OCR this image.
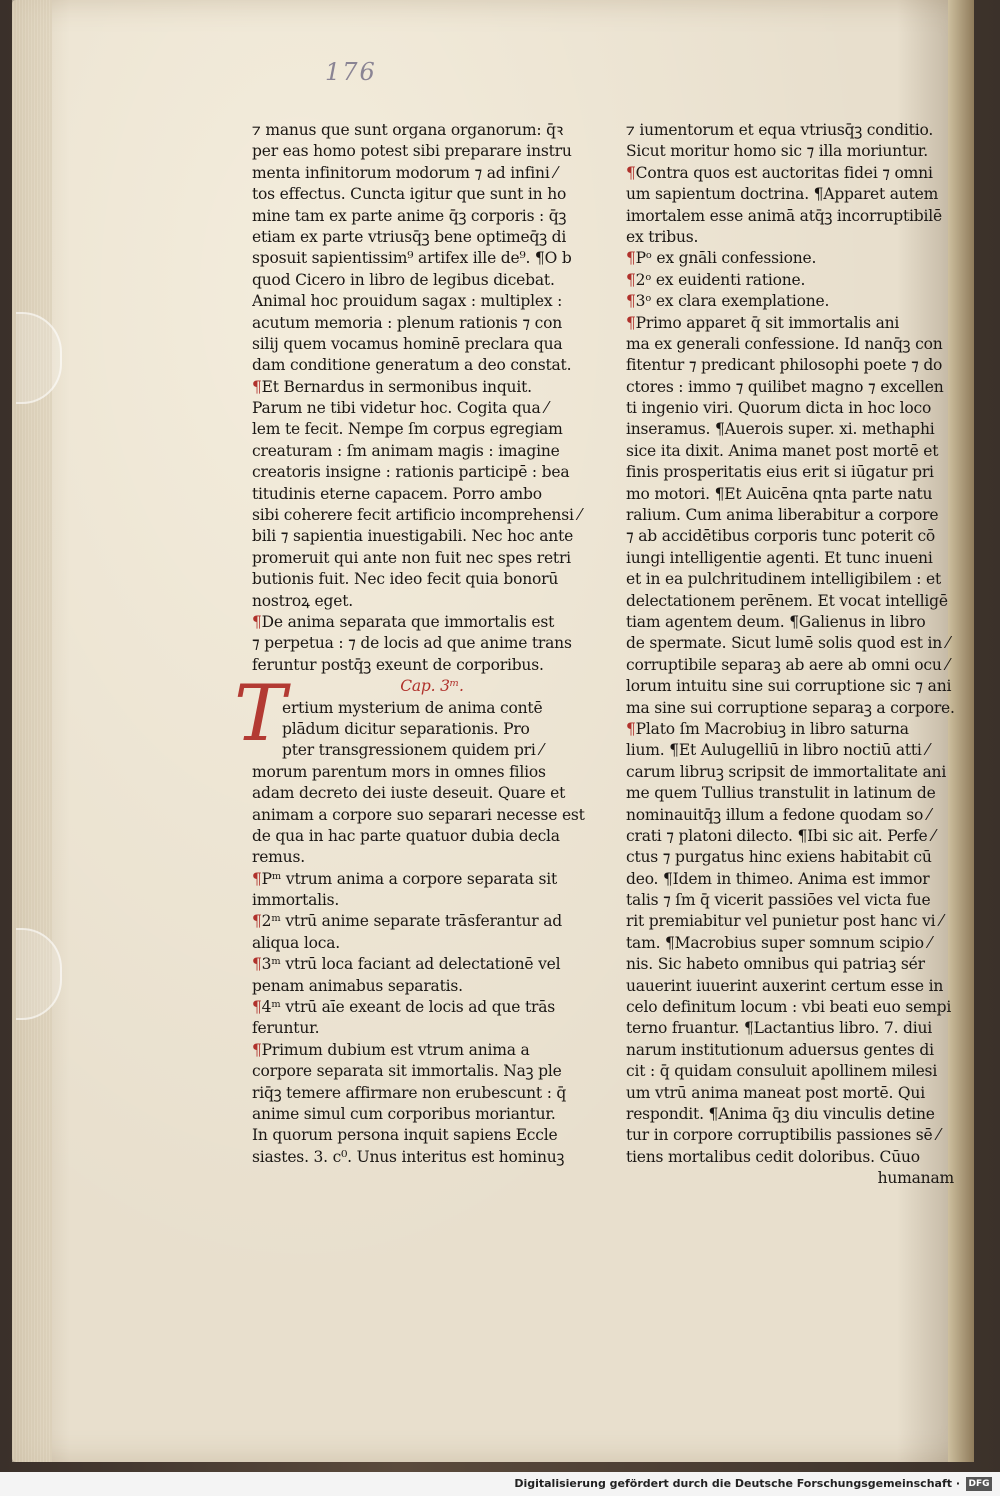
176
⁊ manus que sunt organa organorum: q̄ꝛ
per eas homo potest sibi preparare instru
menta infinitorum modorum ⁊ ad infini ⁄
tos effectus. Cuncta igitur que sunt in ho
mine tam ex parte anime q̄ꝫ corporis : q̄ꝫ
etiam ex parte vtriusq̄ꝫ bene optimeq̄ꝫ di
sposuit sapientissim⁹ artifex ille de⁹. ¶O b
quod Cicero in libro de legibus dicebat.
Animal hoc prouidum sagax : multiplex :
acutum memoria : plenum rationis ⁊ con
silij quem vocamus hominē preclara qua
dam conditione generatum a deo constat.
¶Et Bernardus in sermonibus inquit.
Parum ne tibi videtur hoc. Cogita qua ⁄
lem te fecit. Nempe ſm corpus egregiam
creaturam : ſm animam magis : imagine
creatoris insigne : rationis participē : bea
titudinis eterne capacem. Porro ambo
sibi coherere fecit artificio incomprehensi ⁄
bili ⁊ sapientia inuestigabili. Nec hoc ante
promeruit qui ante non fuit nec spes retri
butionis fuit. Nec ideo fecit quia bonorū
nostroꝝ eget.
¶De anima separata que immortalis est
⁊ perpetua : ⁊ de locis ad que anime trans
feruntur postq̄ꝫ exeunt de corporibus.
Cap. 3ᵐ.
ertium mysterium de anima contē
plādum dicitur separationis. Pro
pter transgressionem quidem pri ⁄
morum parentum mors in omnes filios
adam decreto dei iuste deseuit. Quare et
animam a corpore suo separari necesse est
de qua in hac parte quatuor dubia decla
remus.
¶Pᵐ vtrum anima a corpore separata sit
immortalis.
¶2ᵐ vtrū anime separate trāsferantur ad
aliqua loca.
¶3ᵐ vtrū loca faciant ad delectationē vel
penam animabus separatis.
¶4ᵐ vtrū aīe exeant de locis ad que trās
feruntur.
¶Primum dubium est vtrum anima a
corpore separata sit immortalis. Naꝫ ple
riq̄ꝫ temere affirmare non erubescunt : q̄
anime simul cum corporibus moriantur.
In quorum persona inquit sapiens Eccle
siastes. 3. c⁰. Unus interitus est hominuꝫ
T
⁊ iumentorum et equa vtriusq̄ꝫ conditio.
Sicut moritur homo sic ⁊ illa moriuntur.
¶Contra quos est auctoritas fidei ⁊ omni
um sapientum doctrina. ¶Apparet autem
imortalem esse animā atq̄ꝫ incorruptibilē
ex tribus.
¶Pᵒ ex gnāli confessione.
¶2ᵒ ex euidenti ratione.
¶3ᵒ ex clara exemplatione.
¶Primo apparet q̄ sit immortalis ani
ma ex generali confessione. Id nanq̄ꝫ con
fitentur ⁊ predicant philosophi poete ⁊ do
ctores : immo ⁊ quilibet magno ⁊ excellen
ti ingenio viri. Quorum dicta in hoc loco
inseramus. ¶Auerois super. xi. methaphi
sice ita dixit. Anima manet post mortē et
finis prosperitatis eius erit si iūgatur pri
mo motori. ¶Et Auicēna qnta parte natu
ralium. Cum anima liberabitur a corpore
⁊ ab accidētibus corporis tunc poterit cō
iungi intelligentie agenti. Et tunc inueni
et in ea pulchritudinem intelligibilem : et
delectationem perēnem. Et vocat intelligē
tiam agentem deum. ¶Galienus in libro
de spermate. Sicut lumē solis quod est in ⁄
corruptibile separaꝫ ab aere ab omni ocu ⁄
lorum intuitu sine sui corruptione sic ⁊ ani
ma sine sui corruptione separaꝫ a corpore.
¶Plato ſm Macrobiuꝫ in libro saturna
lium. ¶Et Aulugelliū in libro noctiū atti ⁄
carum libruꝫ scripsit de immortalitate ani
me quem Tullius transtulit in latinum de
nominauitq̄ꝫ illum a fedone quodam so ⁄
crati ⁊ platoni dilecto. ¶Ibi sic ait. Perfe ⁄
ctus ⁊ purgatus hinc exiens habitabit cū
deo. ¶Idem in thimeo. Anima est immor
talis ⁊ ſm q̄ vicerit passiōes vel victa fue
rit premiabitur vel punietur post hanc vi ⁄
tam. ¶Macrobius super somnum scipio ⁄
nis. Sic habeto omnibus qui patriaꝫ sér
uauerint iuuerint auxerint certum esse in
celo definitum locum : vbi beati euo sempi
terno fruantur. ¶Lactantius libro. 7. diui
narum institutionum aduersus gentes di
cit : q̄ quidam consuluit apollinem milesi
um vtrū anima maneat post mortē. Qui
respondit. ¶Anima q̄ꝫ diu vinculis detine
tur in corpore corruptibilis passiones sē ⁄
tiens mortalibus cedit doloribus. Cūuo
humanam
Digitalisierung gefördert durch die Deutsche Forschungsgemeinschaft · DFG
